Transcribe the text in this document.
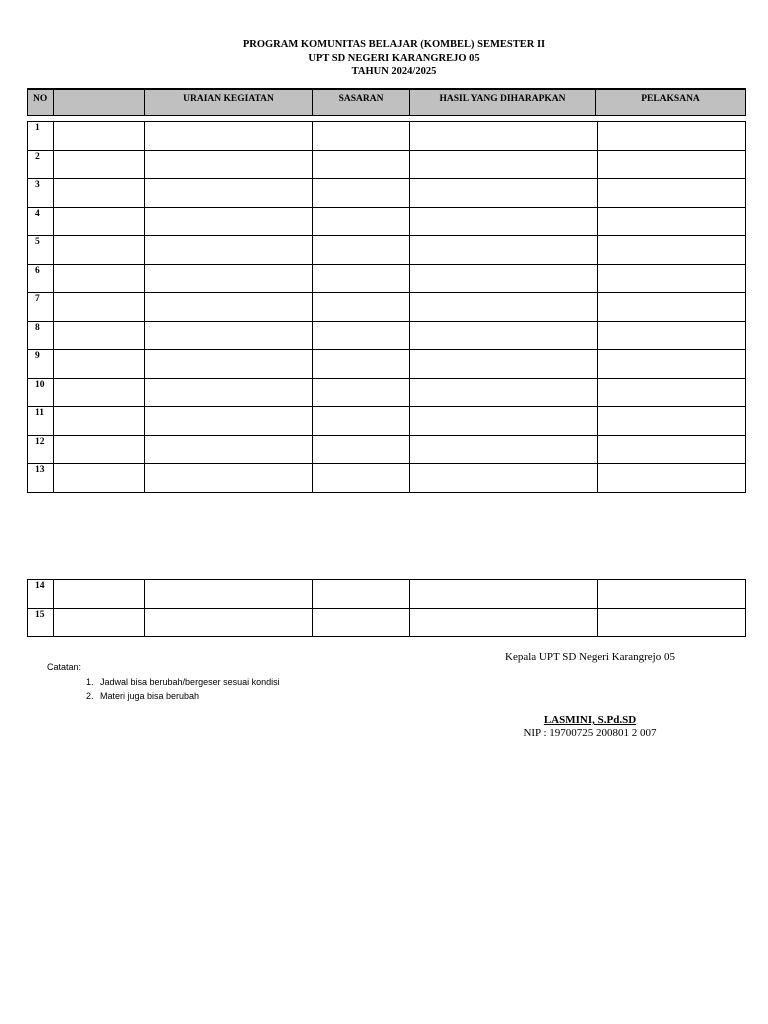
PROGRAM KOMUNITAS BELAJAR (KOMBEL) SEMESTER II
UPT SD NEGERI KARANGREJO 05
TAHUN 2024/2025
NO		URAIAN KEGIATAN	SASARAN	HASIL YANG DIHARAPKAN	PELAKSANA
1					
2					
3					
4					
5					
6					
7					
8					
9					
10					
11					
12					
13					
14					
15					
Catatan:
1. Jadwal bisa berubah/bergeser sesuai kondisi
2. Materi juga bisa berubah
Kepala UPT SD Negeri Karangrejo 05
LASMINI, S.Pd.SD
NIP : 19700725 200801 2 007
